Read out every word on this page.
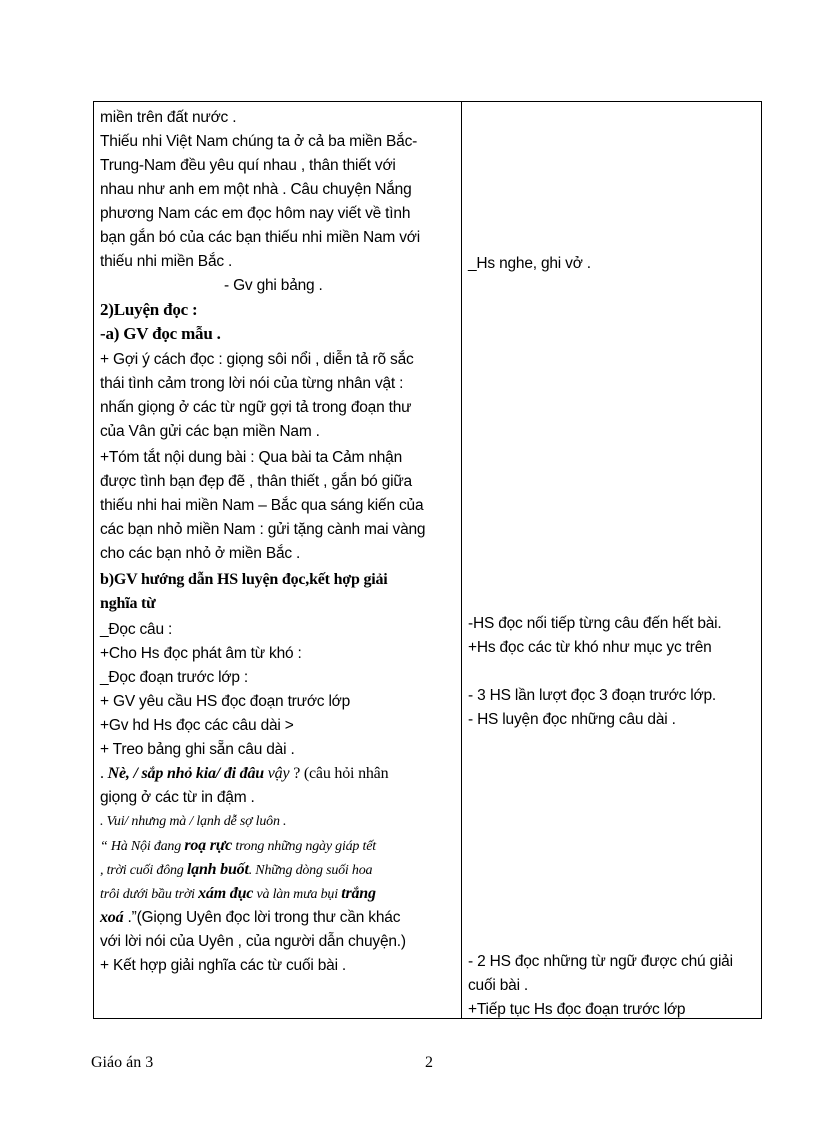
miền trên đất nước .
Thiếu nhi Việt Nam chúng ta ở cả ba miền Bắc-
Trung-Nam đều yêu quí nhau , thân thiết với
nhau như anh em một nhà . Câu chuyện Nắng
phương Nam các em đọc hôm nay viết về tình
bạn gắn bó của các bạn thiếu nhi miền Nam với
thiếu nhi miền Bắc .
- Gv ghi bảng .
2)Luyện đọc :
-a) GV đọc mẫu .
+ Gợi ý cách đọc : giọng sôi nổi , diễn tả rõ sắc
thái tình cảm trong lời nói của từng nhân vật :
nhấn giọng ở các từ ngữ gợi tả trong đoạn thư
của Vân gửi các bạn miền Nam .
+Tóm tắt nội dung bài : Qua bài ta Cảm nhận
được tình bạn đẹp đẽ , thân thiết , gắn bó giữa
thiếu nhi hai miền Nam – Bắc qua sáng kiến của
các bạn nhỏ miền Nam : gửi tặng cành mai vàng
cho các bạn nhỏ ở miền Bắc .
b)GV hướng dẫn HS luyện đọc,kết hợp giải
nghĩa từ
_Đọc câu :
+Cho Hs đọc phát âm từ khó :
_Đọc đoạn trước lớp :
+ GV yêu cầu HS đọc đoạn trước lớp
+Gv hd Hs đọc các câu dài >
+ Treo bảng ghi sẵn câu dài .
. Nè, / sắp nhỏ kia/ đi đâu vậy ? (câu hỏi nhân
giọng ở các từ in đậm .
. Vui/ nhưng mà / lạnh dễ sợ luôn .
“ Hà Nội đang roạ rực trong những ngày giáp tết
, trời cuối đông lạnh buốt. Những dòng suối hoa
trôi dưới bầu trời xám đục và làn mưa bụi trắng
xoá .”(Giọng Uyên đọc lời trong thư cần khác
với lời nói của Uyên , của người dẫn chuyện.)
+ Kết hợp giải nghĩa các từ cuối bài .
_Hs nghe, ghi vở .
-HS đọc nối tiếp từng câu đến hết bài.
+Hs đọc các từ khó như mục yc trên
- 3 HS lần lượt đọc 3 đoạn trước lớp.
- HS luyện đọc những câu dài .
- 2 HS đọc những từ ngữ được chú giải
cuối bài .
+Tiếp tục Hs đọc đoạn trước lớp
Giáo án 3	2
